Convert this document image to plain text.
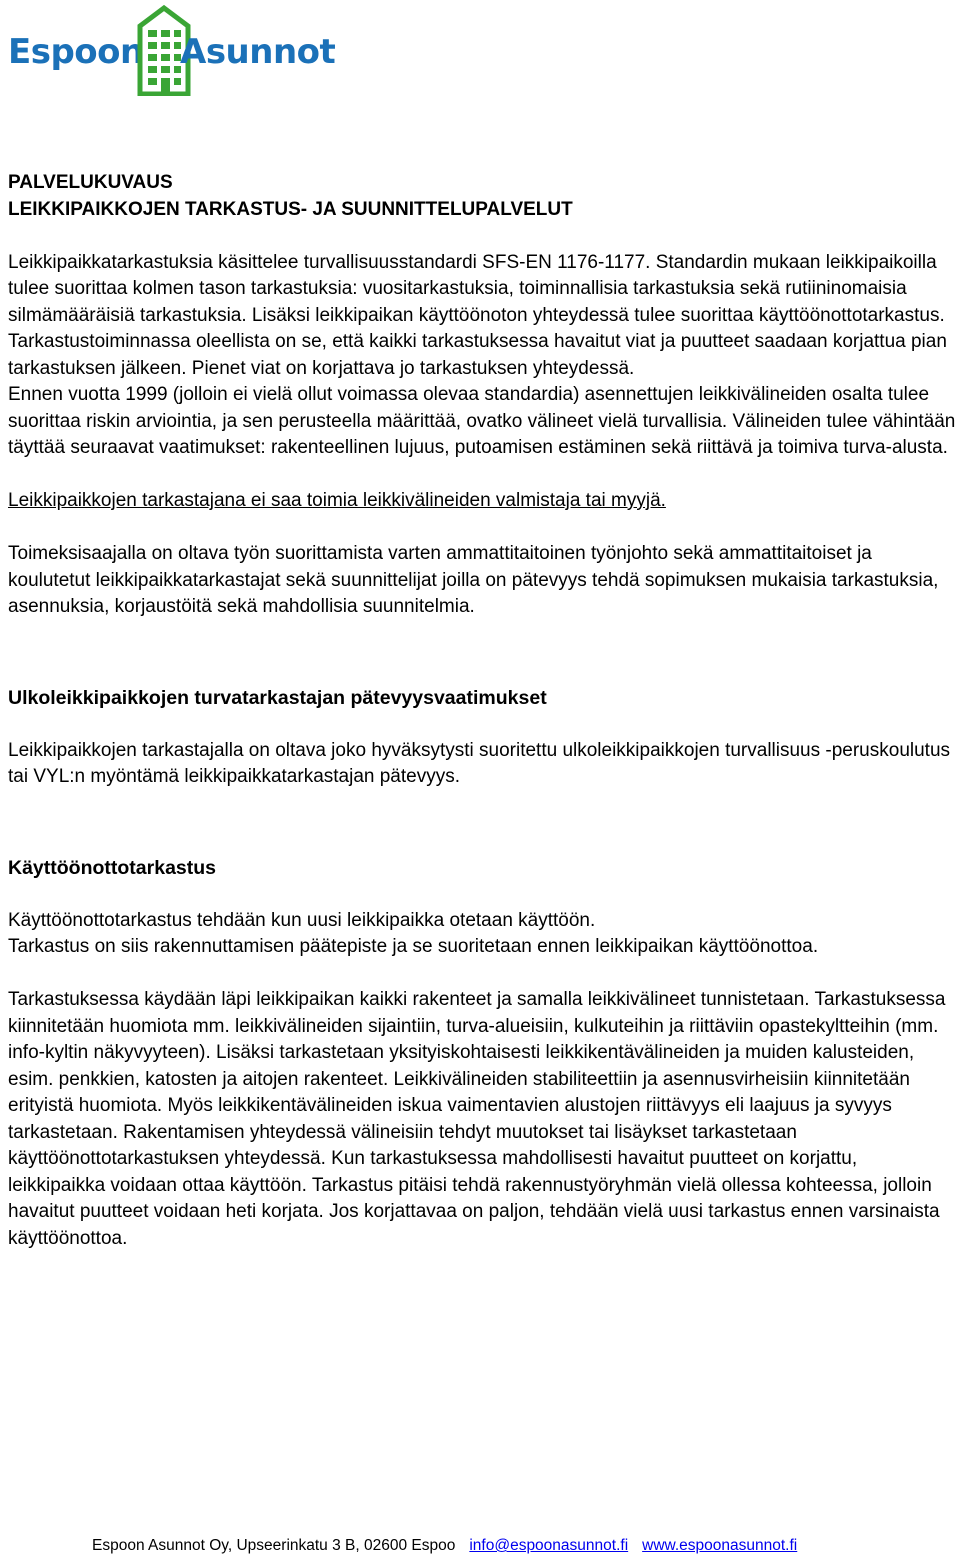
Espoon Asunnot

PALVELUKUVAUS

LEIKKIPAIKKOJEN TARKASTUS- JA SUUNNITTELUPALVELUT

Leikkipaikkatarkastuksia käsittelee turvallisuusstandardi SFS-EN 1176-1177. Standardin mukaan leikkipaikoilla tulee suorittaa kolmen tason tarkastuksia: vuositarkastuksia, toiminnallisia tarkastuksia sekä rutiininomaisia silmämääräisiä tarkastuksia. Lisäksi leikkipaikan käyttöönoton yhteydessä tulee suorittaa käyttöönottotarkastus.

Tarkastustoiminnassa oleellista on se, että kaikki tarkastuksessa havaitut viat ja puutteet saadaan korjattua pian tarkastuksen jälkeen. Pienet viat on korjattava jo tarkastuksen yhteydessä.

Ennen vuotta 1999 (jolloin ei vielä ollut voimassa olevaa standardia) asennettujen leikkivälineiden osalta tulee suorittaa riskin arviointia, ja sen perusteella määrittää, ovatko välineet vielä turvallisia. Välineiden tulee vähintään täyttää seuraavat vaatimukset: rakenteellinen lujuus, putoamisen estäminen sekä riittävä ja toimiva turva-alusta.

Leikkipaikkojen tarkastajana ei saa toimia leikkivälineiden valmistaja tai myyjä.

Toimeksisaajalla on oltava työn suorittamista varten ammattitaitoinen työnjohto sekä ammattitaitoiset ja koulutetut leikkipaikkatarkastajat sekä suunnittelijat joilla on pätevyys tehdä sopimuksen mukaisia tarkastuksia, asennuksia, korjaustöitä sekä mahdollisia suunnitelmia.

Ulkoleikkipaikkojen turvatarkastajan pätevyysvaatimukset

Leikkipaikkojen tarkastajalla on oltava joko hyväksytysti suoritettu ulkoleikkipaikkojen turvallisuus -peruskoulutus tai VYL:n myöntämä leikkipaikkatarkastajan pätevyys.

Käyttöönottotarkastus

Käyttöönottotarkastus tehdään kun uusi leikkipaikka otetaan käyttöön.

Tarkastus on siis rakennuttamisen päätepiste ja se suoritetaan ennen leikkipaikan käyttöönottoa.

Tarkastuksessa käydään läpi leikkipaikan kaikki rakenteet ja samalla leikkivälineet tunnistetaan. Tarkastuksessa kiinnitetään huomiota mm. leikkivälineiden sijaintiin, turva-alueisiin, kulkuteihin ja riittäviin opastekyltteihin (mm. info-kyltin näkyvyyteen). Lisäksi tarkastetaan yksityiskohtaisesti leikkikentävälineiden ja muiden kalusteiden, esim. penkkien, katosten ja aitojen rakenteet. Leikkivälineiden stabiliteettiin ja asennusvirheisiin kiinnitetään erityistä huomiota. Myös leikkikentävälineiden iskua vaimentavien alustojen riittävyys eli laajuus ja syvyys tarkastetaan. Rakentamisen yhteydessä välineisiin tehdyt muutokset tai lisäykset tarkastetaan käyttöönottotarkastuksen yhteydessä. Kun tarkastuksessa mahdollisesti havaitut puutteet on korjattu, leikkipaikka voidaan ottaa käyttöön. Tarkastus pitäisi tehdä rakennustyöryhmän vielä ollessa kohteessa, jolloin havaitut puutteet voidaan heti korjata. Jos korjattavaa on paljon, tehdään vielä uusi tarkastus ennen varsinaista käyttöönottoa.

Espoon Asunnot Oy, Upseerinkatu 3 B, 02600 Espoo info@espoonasunnot.fi www.espoonasunnot.fi
